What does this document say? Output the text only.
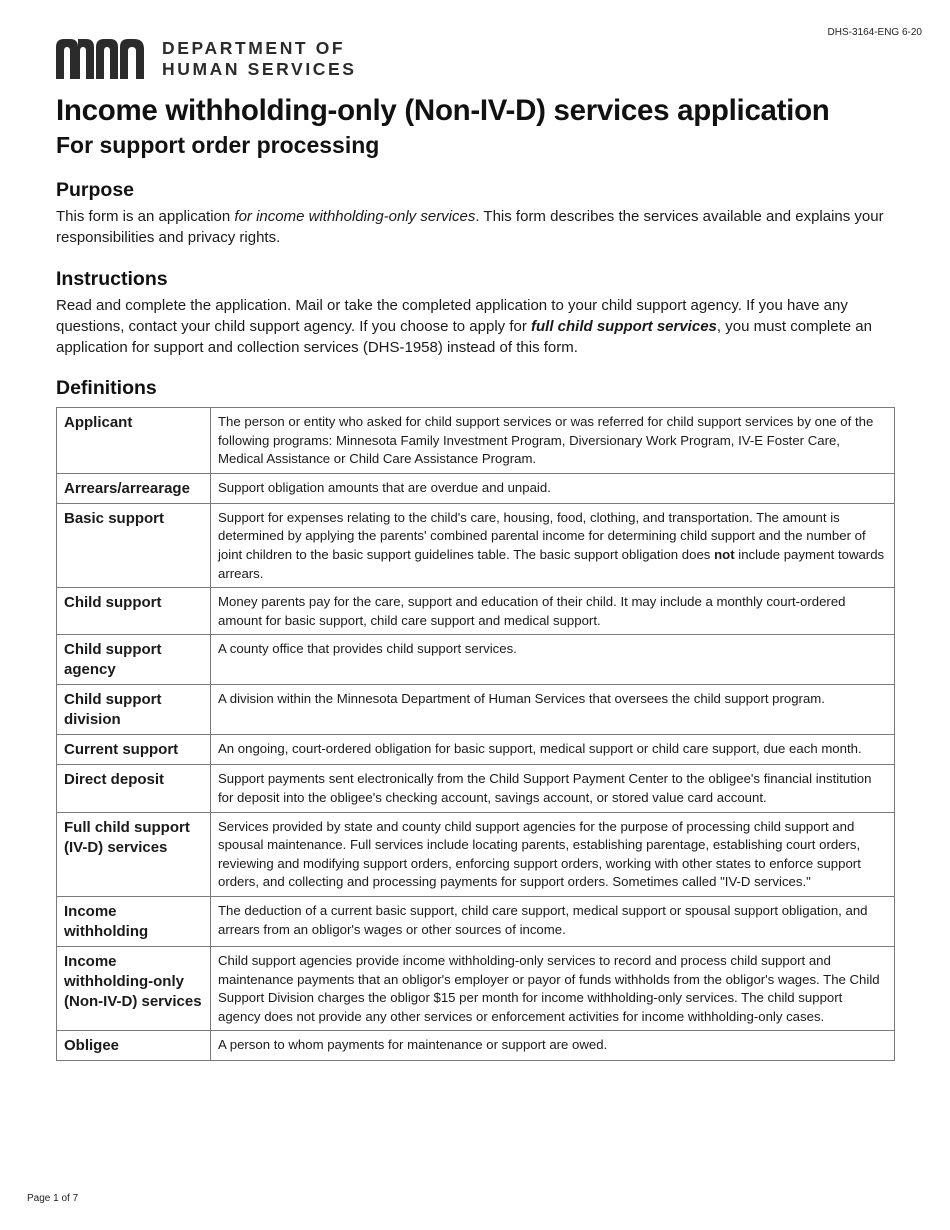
DHS-3164-ENG 6-20
DEPARTMENT OF
HUMAN SERVICES
Income withholding-only (Non-IV-D) services application
For support order processing
Purpose

This form is an application for income withholding-only services. This form describes the services available and explains your responsibilities and privacy rights.

Instructions

Read and complete the application. Mail or take the completed application to your child support agency. If you have any questions, contact your child support agency. If you choose to apply for full child support services, you must complete an application for support and collection services (DHS-1958) instead of this form.

Definitions
Applicant	The person or entity who asked for child support services or was referred for child support services by one of the following programs: Minnesota Family Investment Program, Diversionary Work Program, IV-E Foster Care, Medical Assistance or Child Care Assistance Program.
Arrears/arrearage	Support obligation amounts that are overdue and unpaid.
Basic support	Support for expenses relating to the child's care, housing, food, clothing, and transportation. The amount is determined by applying the parents' combined parental income for determining child support and the number of joint children to the basic support guidelines table. The basic support obligation does not include payment towards arrears.
Child support	Money parents pay for the care, support and education of their child. It may include a monthly court-ordered amount for basic support, child care support and medical support.
Child support agency	A county office that provides child support services.
Child support division	A division within the Minnesota Department of Human Services that oversees the child support program.
Current support	An ongoing, court-ordered obligation for basic support, medical support or child care support, due each month.
Direct deposit	Support payments sent electronically from the Child Support Payment Center to the obligee's financial institution for deposit into the obligee's checking account, savings account, or stored value card account.
Full child support (IV-D) services	Services provided by state and county child support agencies for the purpose of processing child support and spousal maintenance. Full services include locating parents, establishing parentage, establishing court orders, reviewing and modifying support orders, enforcing support orders, working with other states to enforce support orders, and collecting and processing payments for support orders. Sometimes called "IV-D services."
Income withholding	The deduction of a current basic support, child care support, medical support or spousal support obligation, and arrears from an obligor's wages or other sources of income.
Income withholding-only (Non-IV-D) services	Child support agencies provide income withholding-only services to record and process child support and maintenance payments that an obligor's employer or payor of funds withholds from the obligor's wages. The Child Support Division charges the obligor $15 per month for income withholding-only services. The child support agency does not provide any other services or enforcement activities for income withholding-only cases.
Obligee	A person to whom payments for maintenance or support are owed.
Page 1 of 7
